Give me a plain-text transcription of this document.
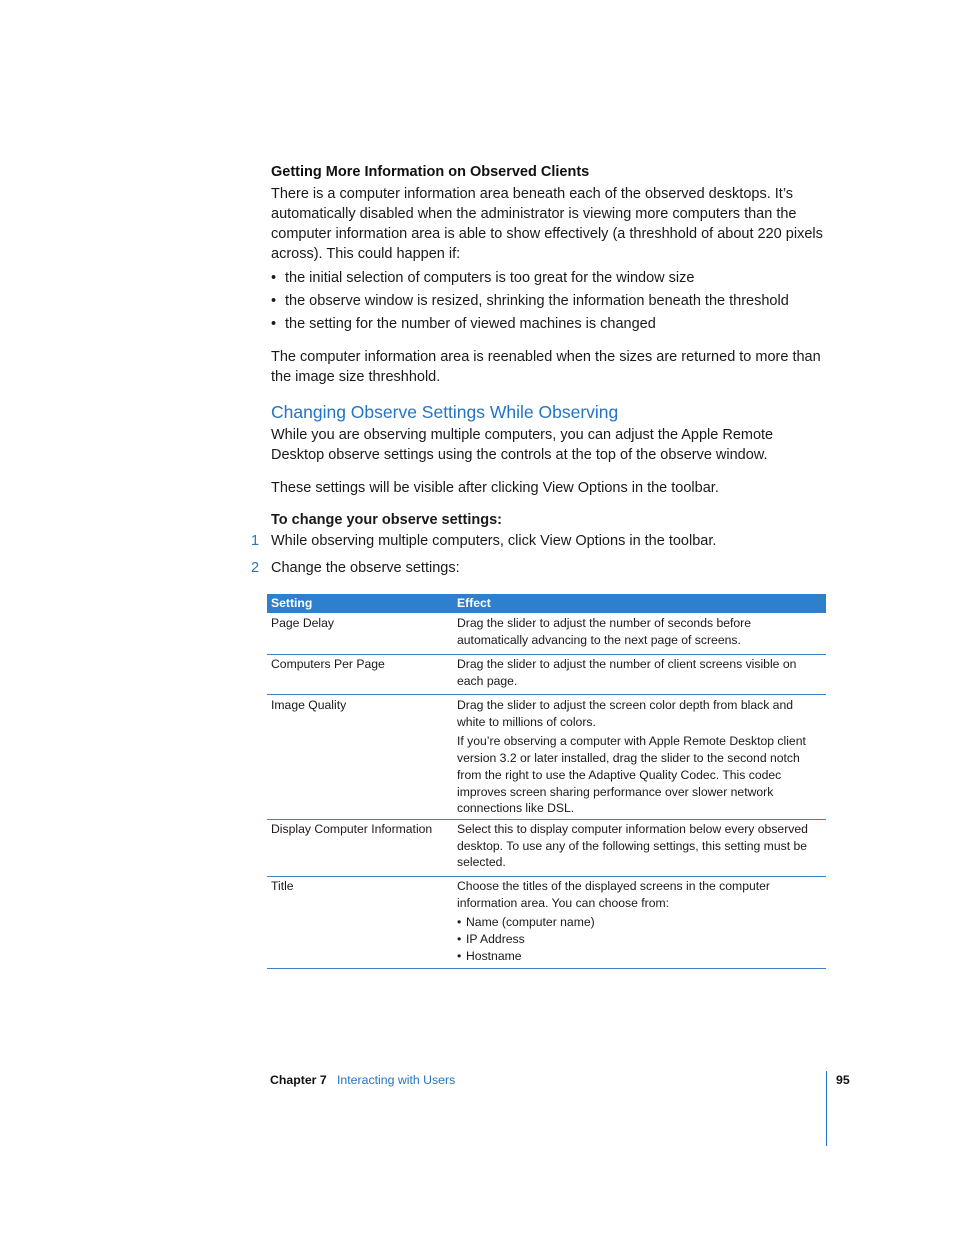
Getting More Information on Observed Clients

There is a computer information area beneath each of the observed desktops. It’s automatically disabled when the administrator is viewing more computers than the computer information area is able to show effectively (a threshhold of about 220 pixels across). This could happen if:

• the initial selection of computers is too great for the window size
• the observe window is resized, shrinking the information beneath the threshold
• the setting for the number of viewed machines is changed

The computer information area is reenabled when the sizes are returned to more than the image size threshhold.

Changing Observe Settings While Observing

While you are observing multiple computers, you can adjust the Apple Remote Desktop observe settings using the controls at the top of the observe window.

These settings will be visible after clicking View Options in the toolbar.

To change your observe settings:
1 While observing multiple computers, click View Options in the toolbar.
2 Change the observe settings:
Setting	Effect
Page Delay	Drag the slider to adjust the number of seconds before automatically advancing to the next page of screens.

Computers Per Page	Drag the slider to adjust the number of client screens visible on each page.

Image Quality	Drag the slider to adjust the screen color depth from black and white to millions of colors.

If you’re observing a computer with Apple Remote Desktop client version 3.2 or later installed, drag the slider to the second notch from the right to use the Adaptive Quality Codec. This codec improves screen sharing performance over slower network connections like DSL.

Display Computer Information	Select this to display computer information below every observed desktop. To use any of the following settings, this setting must be selected.

Title	Choose the titles of the displayed screens in the computer information area. You can choose from:

• Name (computer name)
• IP Address
• Hostname
Chapter 7 Interacting with Users	95
